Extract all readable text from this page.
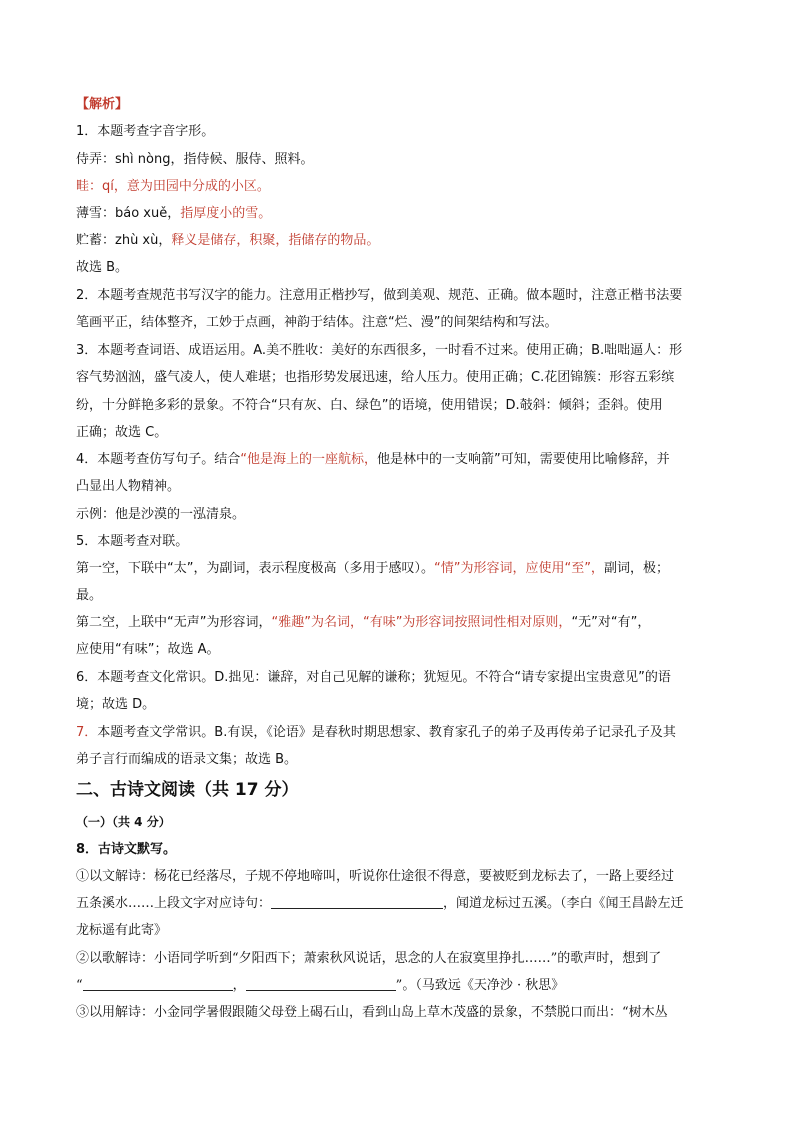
【解析】
1．本题考查字音字形。
侍弄：shì nòng，指侍候、服侍、照料。
畦：qí，意为田园中分成的小区。
薄雪：báo xuě，指厚度小的雪。
贮蓄：zhù xù，释义是储存，积聚，指储存的物品。
故选 B。
2．本题考查规范书写汉字的能力。注意用正楷抄写，做到美观、规范、正确。做本题时，注意正楷书法要
笔画平正，结体整齐，工妙于点画，神韵于结体。注意“烂、漫”的间架结构和写法。
3．本题考查词语、成语运用。A.美不胜收：美好的东西很多，一时看不过来。使用正确；B.咄咄逼人：形
容气势汹汹，盛气凌人，使人难堪；也指形势发展迅速，给人压力。使用正确；C.花团锦簇：形容五彩缤
纷，十分鲜艳多彩的景象。不符合“只有灰、白、绿色”的语境，使用错误；D.攲斜：倾斜；歪斜。使用
正确；故选 C。
4．本题考查仿写句子。结合“他是海上的一座航标，他是林中的一支响箭”可知，需要使用比喻修辞，并
凸显出人物精神。
示例：他是沙漠的一泓清泉。
5．本题考查对联。
第一空，下联中“太”，为副词，表示程度极高（多用于感叹）。“情”为形容词，应使用“至”，副词，极；
最。
第二空，上联中“无声”为形容词，“雅趣”为名词，“有味”为形容词按照词性相对原则，“无”对“有”，
应使用“有味”；故选 A。
6．本题考查文化常识。D.拙见：谦辞，对自己见解的谦称；犹短见。不符合“请专家提出宝贵意见”的语
境；故选 D。
7．本题考查文学常识。B.有误，《论语》是春秋时期思想家、教育家孔子的弟子及再传弟子记录孔子及其
弟子言行而编成的语录文集；故选 B。
二、古诗文阅读（共 17 分）
（一）（共 4 分）
8．古诗文默写。
①以文解诗：杨花已经落尽，子规不停地啼叫，听说你仕途很不得意，要被贬到龙标去了，一路上要经过
五条溪水……上段文字对应诗句：	，闻道龙标过五溪。（李白《闻王昌龄左迁
龙标遥有此寄》
②以歌解诗：小语同学听到“夕阳西下；萧索秋风说话，思念的人在寂寞里挣扎……”的歌声时，想到了
“	，	”。（马致远《天净沙 · 秋思》
③以用解诗：小金同学暑假跟随父母登上碣石山，看到山岛上草木茂盛的景象，不禁脱口而出：“树木丛
